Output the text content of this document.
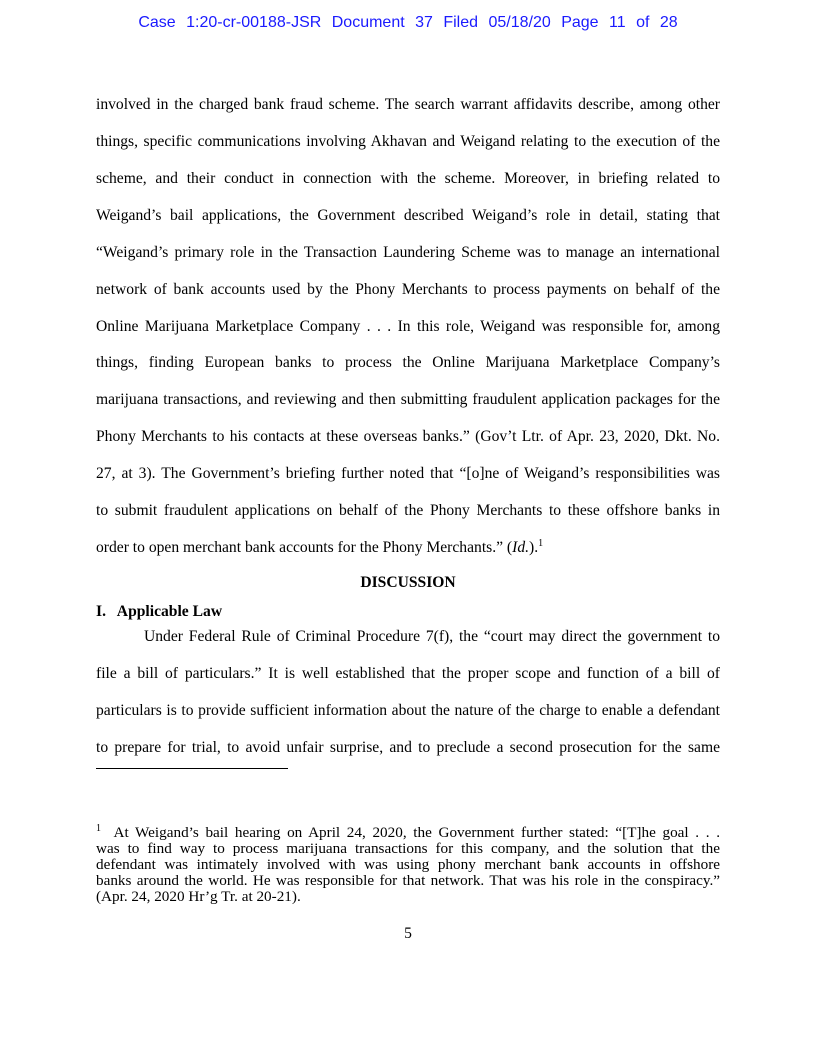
Case 1:20-cr-00188-JSR Document 37 Filed 05/18/20 Page 11 of 28
involved in the charged bank fraud scheme. The search warrant affidavits describe, among other
things, specific communications involving Akhavan and Weigand relating to the execution of the
scheme, and their conduct in connection with the scheme. Moreover, in briefing related to
Weigand’s bail applications, the Government described Weigand’s role in detail, stating that
“Weigand’s primary role in the Transaction Laundering Scheme was to manage an international
network of bank accounts used by the Phony Merchants to process payments on behalf of the
Online Marijuana Marketplace Company . . . In this role, Weigand was responsible for, among
things, finding European banks to process the Online Marijuana Marketplace Company’s
marijuana transactions, and reviewing and then submitting fraudulent application packages for the
Phony Merchants to his contacts at these overseas banks.” (Gov’t Ltr. of Apr. 23, 2020, Dkt. No.
27, at 3). The Government’s briefing further noted that “[o]ne of Weigand’s responsibilities was
to submit fraudulent applications on behalf of the Phony Merchants to these offshore banks in
order to open merchant bank accounts for the Phony Merchants.” (Id.).$^1$
DISCUSSION
I.   Applicable Law
Under Federal Rule of Criminal Procedure 7(f), the “court may direct the government to
file a bill of particulars.” It is well established that the proper scope and function of a bill of
particulars is to provide sufficient information about the nature of the charge to enable a defendant
to prepare for trial, to avoid unfair surprise, and to preclude a second prosecution for the same
$^1$ At Weigand’s bail hearing on April 24, 2020, the Government further stated: “[T]he goal . . .
was to find way to process marijuana transactions for this company, and the solution that the
defendant was intimately involved with was using phony merchant bank accounts in offshore
banks around the world. He was responsible for that network. That was his role in the conspiracy.”
(Apr. 24, 2020 Hr’g Tr. at 20-21).
5
